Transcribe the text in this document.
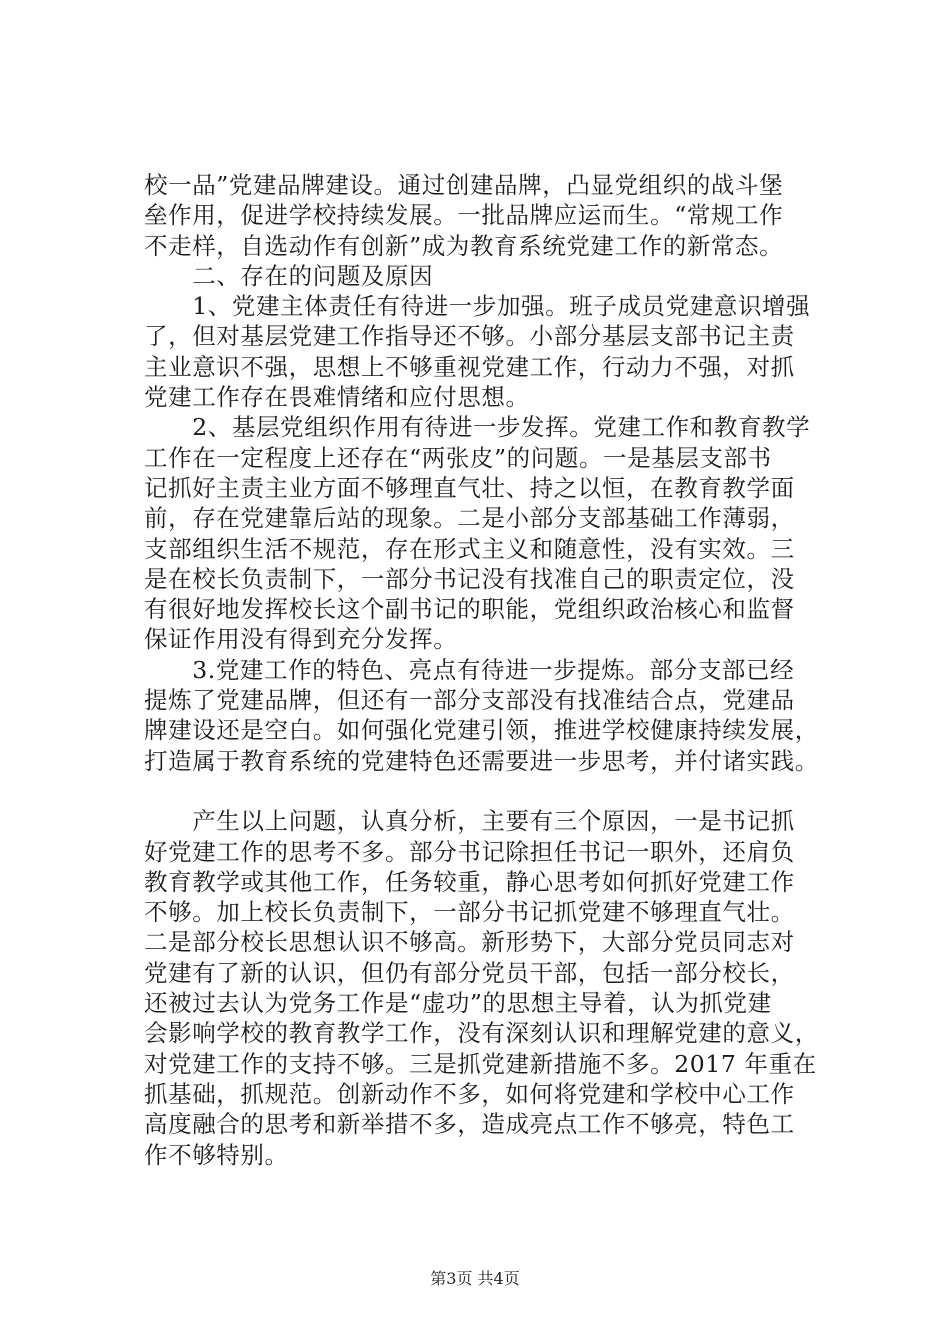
校一品”党建品牌建设。通过创建品牌，凸显党组织的战斗堡
垒作用，促进学校持续发展。一批品牌应运而生。“常规工作
不走样，自选动作有创新”成为教育系统党建工作的新常态。
　　二、存在的问题及原因
　　1、党建主体责任有待进一步加强。班子成员党建意识增强
了，但对基层党建工作指导还不够。小部分基层支部书记主责
主业意识不强，思想上不够重视党建工作，行动力不强，对抓
党建工作存在畏难情绪和应付思想。
　　2、基层党组织作用有待进一步发挥。党建工作和教育教学
工作在一定程度上还存在“两张皮”的问题。一是基层支部书
记抓好主责主业方面不够理直气壮、持之以恒，在教育教学面
前，存在党建靠后站的现象。二是小部分支部基础工作薄弱，
支部组织生活不规范，存在形式主义和随意性，没有实效。三
是在校长负责制下，一部分书记没有找准自己的职责定位，没
有很好地发挥校长这个副书记的职能，党组织政治核心和监督
保证作用没有得到充分发挥。
　　3.党建工作的特色、亮点有待进一步提炼。部分支部已经
提炼了党建品牌，但还有一部分支部没有找准结合点，党建品
牌建设还是空白。如何强化党建引领，推进学校健康持续发展，
打造属于教育系统的党建特色还需要进一步思考，并付诸实践。
　　产生以上问题，认真分析，主要有三个原因，一是书记抓
好党建工作的思考不多。部分书记除担任书记一职外，还肩负
教育教学或其他工作，任务较重，静心思考如何抓好党建工作
不够。加上校长负责制下，一部分书记抓党建不够理直气壮。
二是部分校长思想认识不够高。新形势下，大部分党员同志对
党建有了新的认识，但仍有部分党员干部，包括一部分校长，
还被过去认为党务工作是“虚功”的思想主导着，认为抓党建
会影响学校的教育教学工作，没有深刻认识和理解党建的意义，
对党建工作的支持不够。三是抓党建新措施不多。2017 年重在
抓基础，抓规范。创新动作不多，如何将党建和学校中心工作
高度融合的思考和新举措不多，造成亮点工作不够亮，特色工
作不够特别。
第3页 共4页
